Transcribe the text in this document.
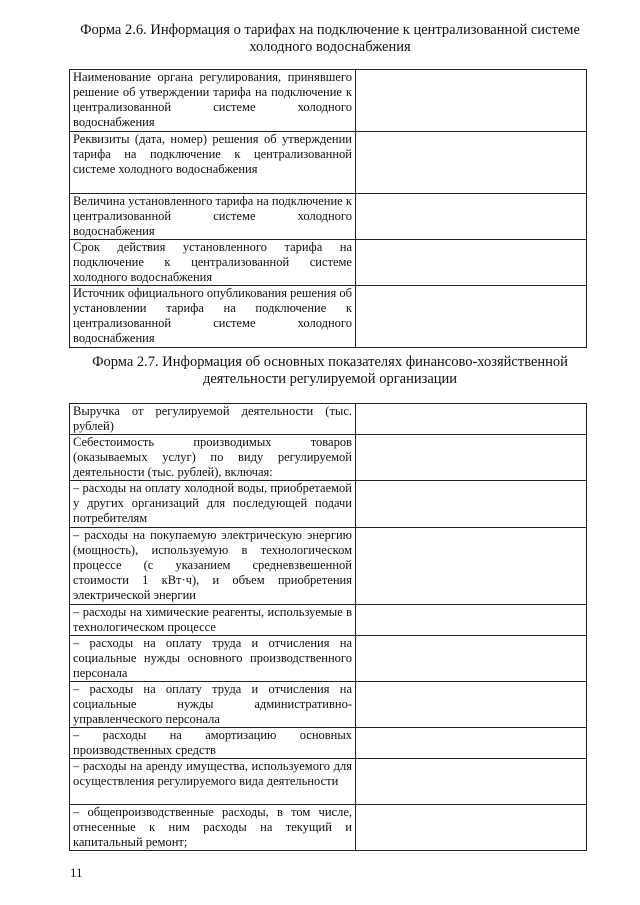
Форма 2.6. Информация о тарифах на подключение к централизованной системе холодного водоснабжения
Наименование органа регулирования, принявшего решение об утверждении тарифа на подключение к централизованной системе холодного водоснабжения	
Реквизиты (дата, номер) решения об утверждении тарифа на подключение к централизованной системе холодного водоснабжения	
Величина установленного тарифа на подключение к централизованной системе холодного водоснабжения	
Срок действия установленного тарифа на подключение к централизованной системе холодного водоснабжения	
Источник официального опубликования решения об установлении тарифа на подключение к централизованной системе холодного водоснабжения	
Форма 2.7. Информация об основных показателях финансово-хозяйственной деятельности регулируемой организации
Выручка от регулируемой деятельности (тыс. рублей)	
Себестоимость производимых товаров (оказываемых услуг) по виду регулируемой деятельности (тыс. рублей), включая:	
– расходы на оплату холодной воды, приобретаемой у других организаций для последующей подачи потребителям	
– расходы на покупаемую электрическую энергию (мощность), используемую в технологическом процессе (с указанием средневзвешенной стоимости 1 кВт·ч), и объем приобретения электрической энергии	
– расходы на химические реагенты, используемые в технологическом процессе	
– расходы на оплату труда и отчисления на социальные нужды основного производственного персонала	
– расходы на оплату труда и отчисления на социальные нужды административно-управленческого персонала	
– расходы на амортизацию основных производственных средств	
– расходы на аренду имущества, используемого для осуществления регулируемого вида деятельности	
– общепроизводственные расходы, в том числе, отнесенные к ним расходы на текущий и капитальный ремонт;	
11
